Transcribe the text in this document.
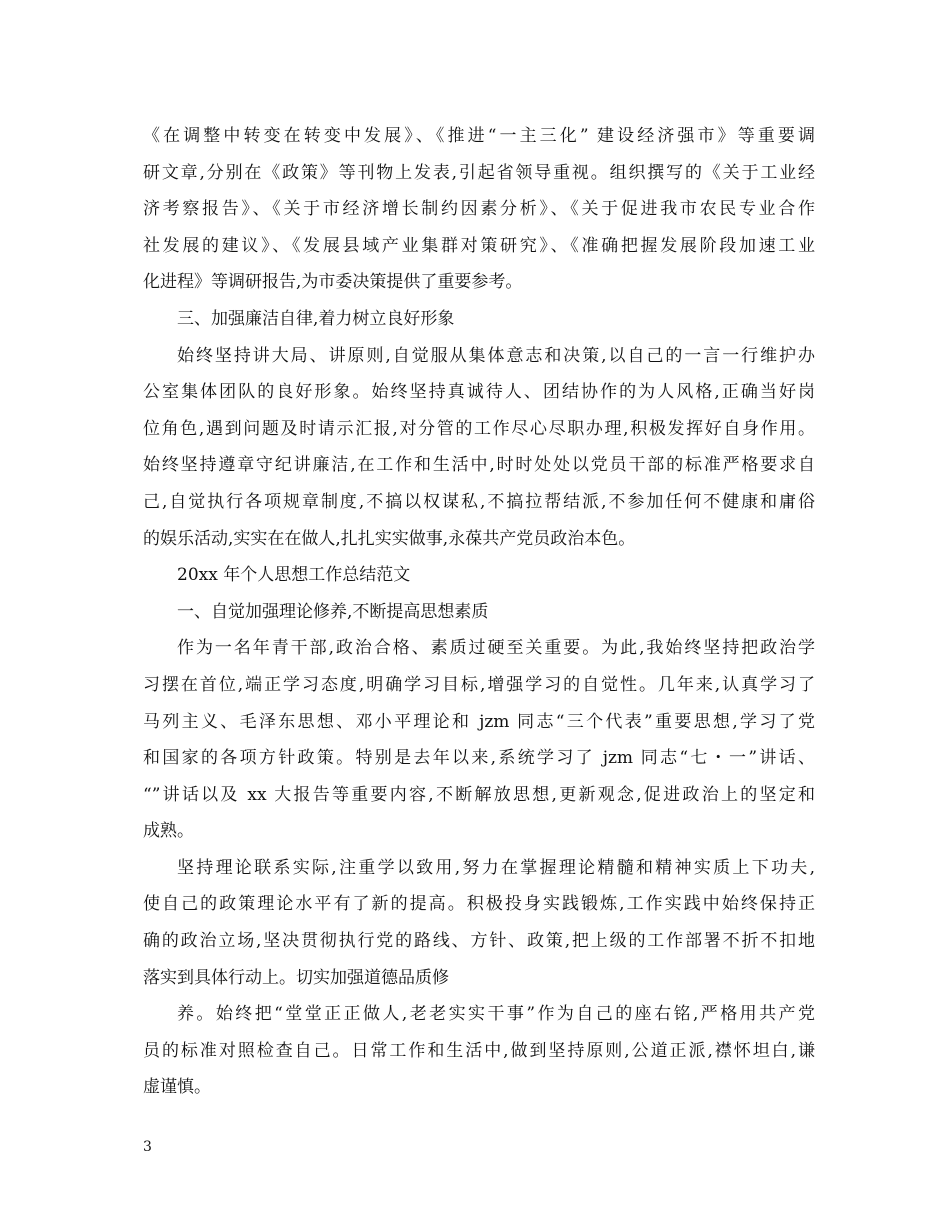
《在调整中转变在转变中发展》、《推进“一主三化” 建设经济强市》等重要调
研文章,分别在《政策》等刊物上发表,引起省领导重视。组织撰写的《关于工业经
济考察报告》、《关于市经济增长制约因素分析》、《关于促进我市农民专业合作
社发展的建议》、《发展县域产业集群对策研究》、《准确把握发展阶段加速工业
化进程》等调研报告,为市委决策提供了重要参考。
三、加强廉洁自律,着力树立良好形象
始终坚持讲大局、讲原则,自觉服从集体意志和决策,以自己的一言一行维护办
公室集体团队的良好形象。始终坚持真诚待人、团结协作的为人风格,正确当好岗
位角色,遇到问题及时请示汇报,对分管的工作尽心尽职办理,积极发挥好自身作用。
始终坚持遵章守纪讲廉洁,在工作和生活中,时时处处以党员干部的标准严格要求自
己,自觉执行各项规章制度,不搞以权谋私,不搞拉帮结派,不参加任何不健康和庸俗
的娱乐活动,实实在在做人,扎扎实实做事,永葆共产党员政治本色。
20xx 年个人思想工作总结范文
一、自觉加强理论修养,不断提高思想素质
作为一名年青干部,政治合格、素质过硬至关重要。为此,我始终坚持把政治学
习摆在首位,端正学习态度,明确学习目标,增强学习的自觉性。几年来,认真学习了
马列主义、毛泽东思想、邓小平理论和 jzm 同志“三个代表”重要思想,学习了党
和国家的各项方针政策。特别是去年以来,系统学习了 jzm 同志“七・一”讲话、
“”讲话以及 xx 大报告等重要内容,不断解放思想,更新观念,促进政治上的坚定和
成熟。
坚持理论联系实际,注重学以致用,努力在掌握理论精髓和精神实质上下功夫,
使自己的政策理论水平有了新的提高。积极投身实践锻炼,工作实践中始终保持正
确的政治立场,坚决贯彻执行党的路线、方针、政策,把上级的工作部署不折不扣地
落实到具体行动上。切实加强道德品质修
养。始终把“堂堂正正做人,老老实实干事”作为自己的座右铭,严格用共产党
员的标准对照检查自己。日常工作和生活中,做到坚持原则,公道正派,襟怀坦白,谦
虚谨慎。
3
